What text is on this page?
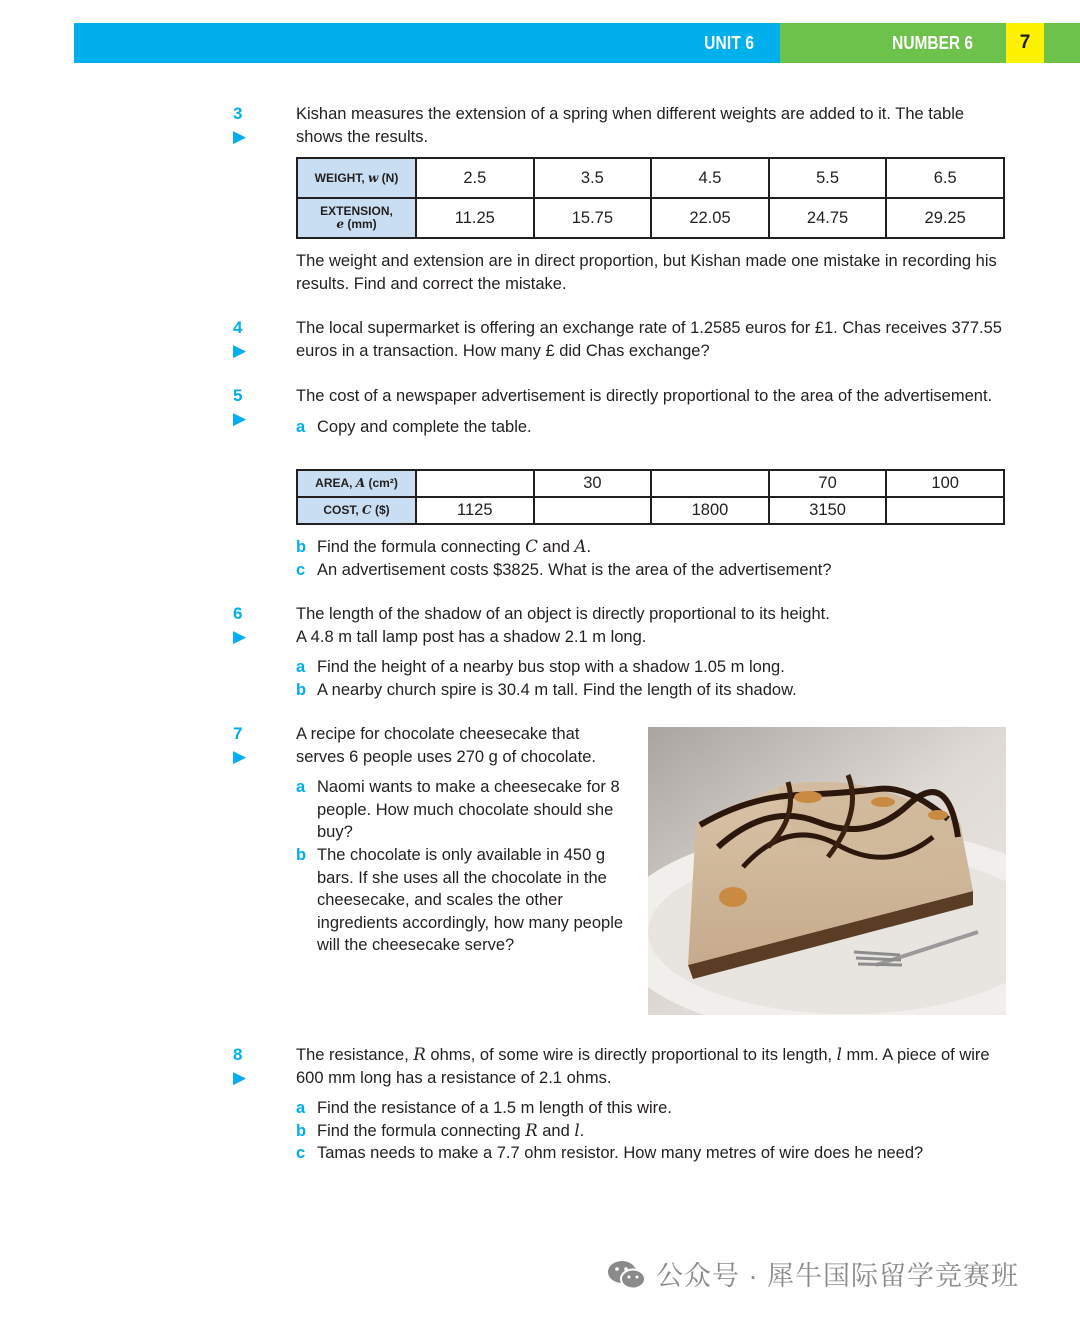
UNIT 6	NUMBER 6	7
3 ▶

Kishan measures the extension of a spring when different weights are added to it. The table shows the results.

WEIGHT, w (N)	2.5	3.5	4.5	5.5	6.5
EXTENSION,
e (mm)	11.25	15.75	22.05	24.75	29.25

The weight and extension are in direct proportion, but Kishan made one mistake in recording his results. Find and correct the mistake.

4 ▶

The local supermarket is offering an exchange rate of 1.2585 euros for £1. Chas receives 377.55 euros in a transaction. How many £ did Chas exchange?

5 ▶

The cost of a newspaper advertisement is directly proportional to the area of the advertisement.

a Copy and complete the table.
AREA, A (cm²)		30		70	100
COST, C ($)	1125		1800	3150	
b Find the formula connecting C and A.
c An advertisement costs $3825. What is the area of the advertisement?
6 ▶

The length of the shadow of an object is directly proportional to its height.

A 4.8 m tall lamp post has a shadow 2.1 m long.

a Find the height of a nearby bus stop with a shadow 1.05 m long.
b A nearby church spire is 30.4 m tall. Find the length of its shadow.
7 ▶

A recipe for chocolate cheesecake that serves 6 people uses 270 g of chocolate.

a Naomi wants to make a cheesecake for 8 people. How much chocolate should she buy?
b The chocolate is only available in 450 g bars. If she uses all the chocolate in the cheesecake, and scales the other ingredients accordingly, how many people will the cheesecake serve?
8 ▶

The resistance, R ohms, of some wire is directly proportional to its length, l mm. A piece of wire 600 mm long has a resistance of 2.1 ohms.

a Find the resistance of a 1.5 m length of this wire.
b Find the formula connecting R and l.
c Tamas needs to make a 7.7 ohm resistor. How many metres of wire does he need?
公众号 · 犀牛国际留学竞赛班
